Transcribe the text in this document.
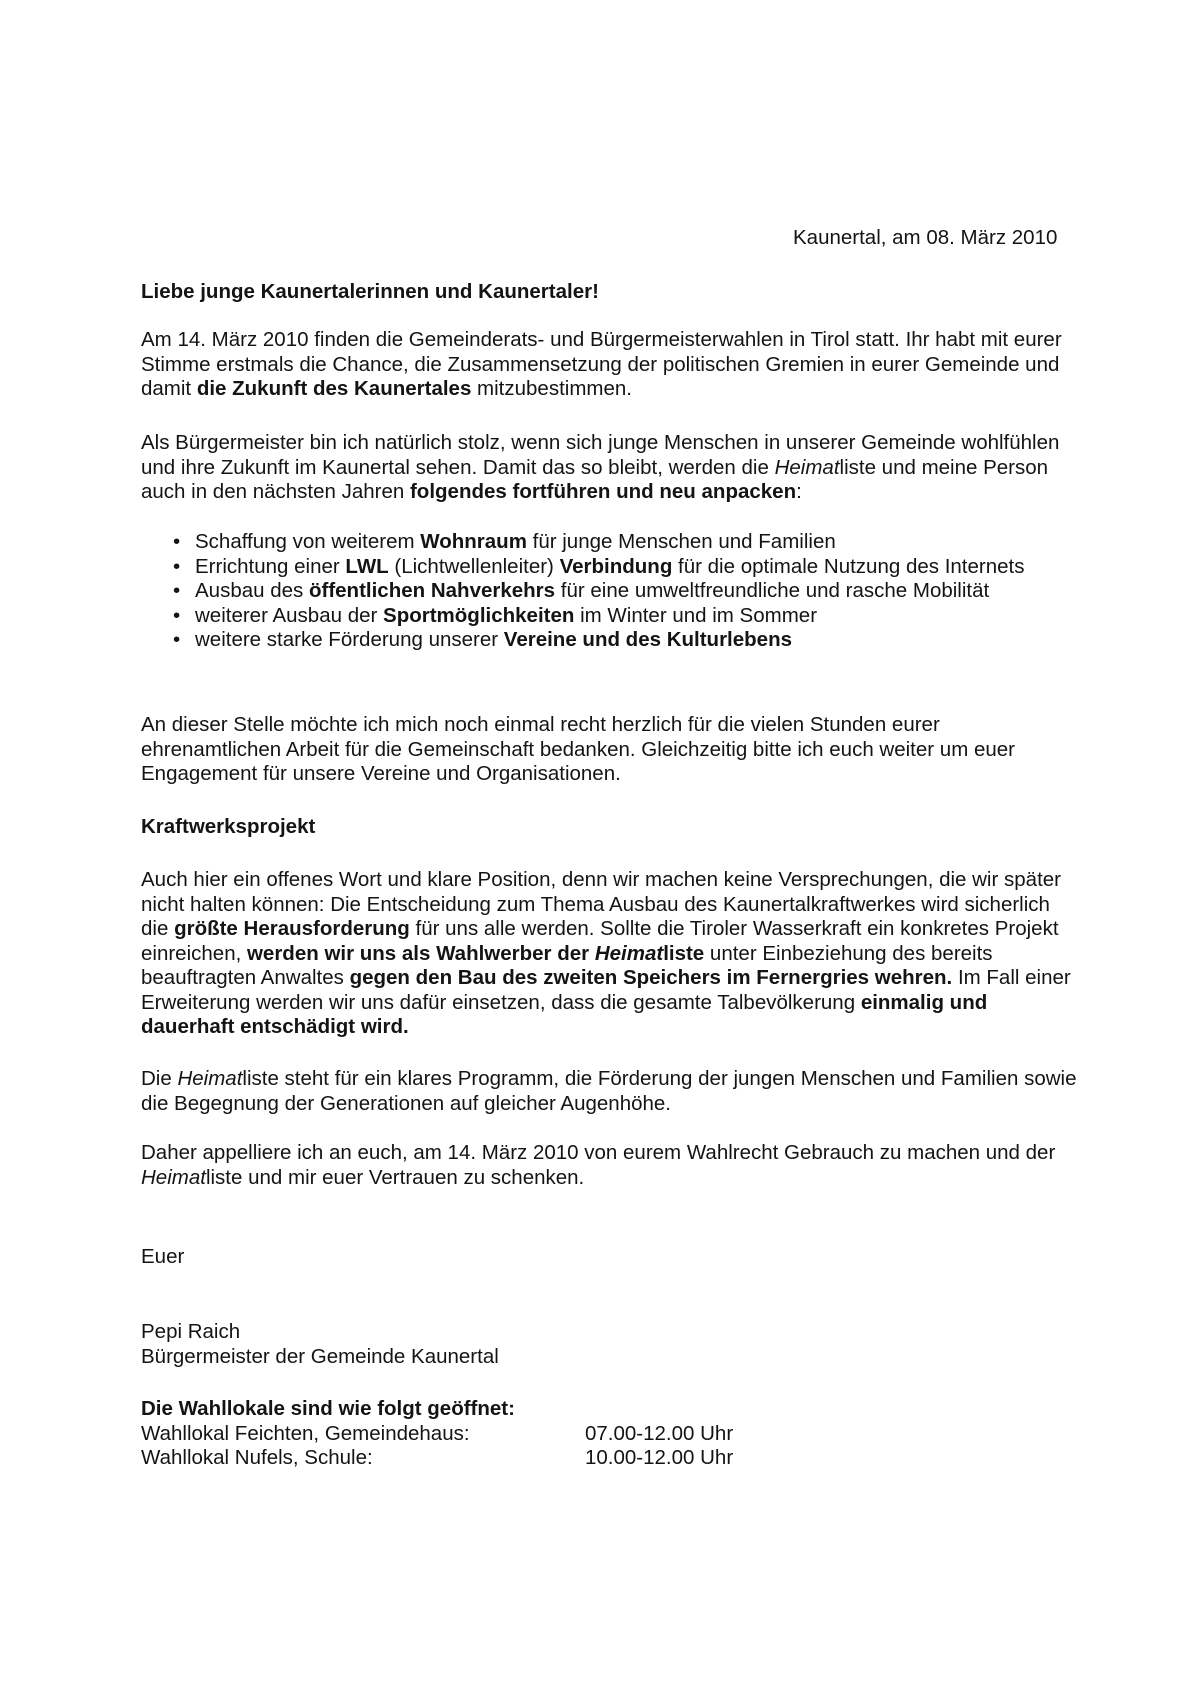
Kaunertal, am 08. März 2010
Liebe junge Kaunertalerinnen und Kaunertaler!

Am 14. März 2010 finden die Gemeinderats- und Bürgermeisterwahlen in Tirol statt. Ihr habt mit eurer Stimme erstmals die Chance, die Zusammensetzung der politischen Gremien in eurer Gemeinde und damit die Zukunft des Kaunertales mitzubestimmen.

Als Bürgermeister bin ich natürlich stolz, wenn sich junge Menschen in unserer Gemeinde wohlfühlen und ihre Zukunft im Kaunertal sehen. Damit das so bleibt, werden die Heimatliste und meine Person auch in den nächsten Jahren folgendes fortführen und neu anpacken:

• Schaffung von weiterem Wohnraum für junge Menschen und Familien
• Errichtung einer LWL (Lichtwellenleiter) Verbindung für die optimale Nutzung des Internets
• Ausbau des öffentlichen Nahverkehrs für eine umweltfreundliche und rasche Mobilität
• weiterer Ausbau der Sportmöglichkeiten im Winter und im Sommer
• weitere starke Förderung unserer Vereine und des Kulturlebens

An dieser Stelle möchte ich mich noch einmal recht herzlich für die vielen Stunden eurer ehrenamtlichen Arbeit für die Gemeinschaft bedanken. Gleichzeitig bitte ich euch weiter um euer Engagement für unsere Vereine und Organisationen.

Kraftwerksprojekt

Auch hier ein offenes Wort und klare Position, denn wir machen keine Versprechungen, die wir später nicht halten können: Die Entscheidung zum Thema Ausbau des Kaunertalkraftwerkes wird sicherlich die größte Herausforderung für uns alle werden. Sollte die Tiroler Wasserkraft ein konkretes Projekt einreichen, werden wir uns als Wahlwerber der Heimatliste unter Einbeziehung des bereits beauftragten Anwaltes gegen den Bau des zweiten Speichers im Fernergries wehren. Im Fall einer Erweiterung werden wir uns dafür einsetzen, dass die gesamte Talbevölkerung einmalig und dauerhaft entschädigt wird.

Die Heimatliste steht für ein klares Programm, die Förderung der jungen Menschen und Familien sowie die Begegnung der Generationen auf gleicher Augenhöhe.

Daher appelliere ich an euch, am 14. März 2010 von eurem Wahlrecht Gebrauch zu machen und der Heimatliste und mir euer Vertrauen zu schenken.

Euer
Pepi Raich
Bürgermeister der Gemeinde Kaunertal
Die Wahllokale sind wie folgt geöffnet:
Wahllokal Feichten, Gemeindehaus:	07.00-12.00 Uhr
Wahllokal Nufels, Schule:	10.00-12.00 Uhr
